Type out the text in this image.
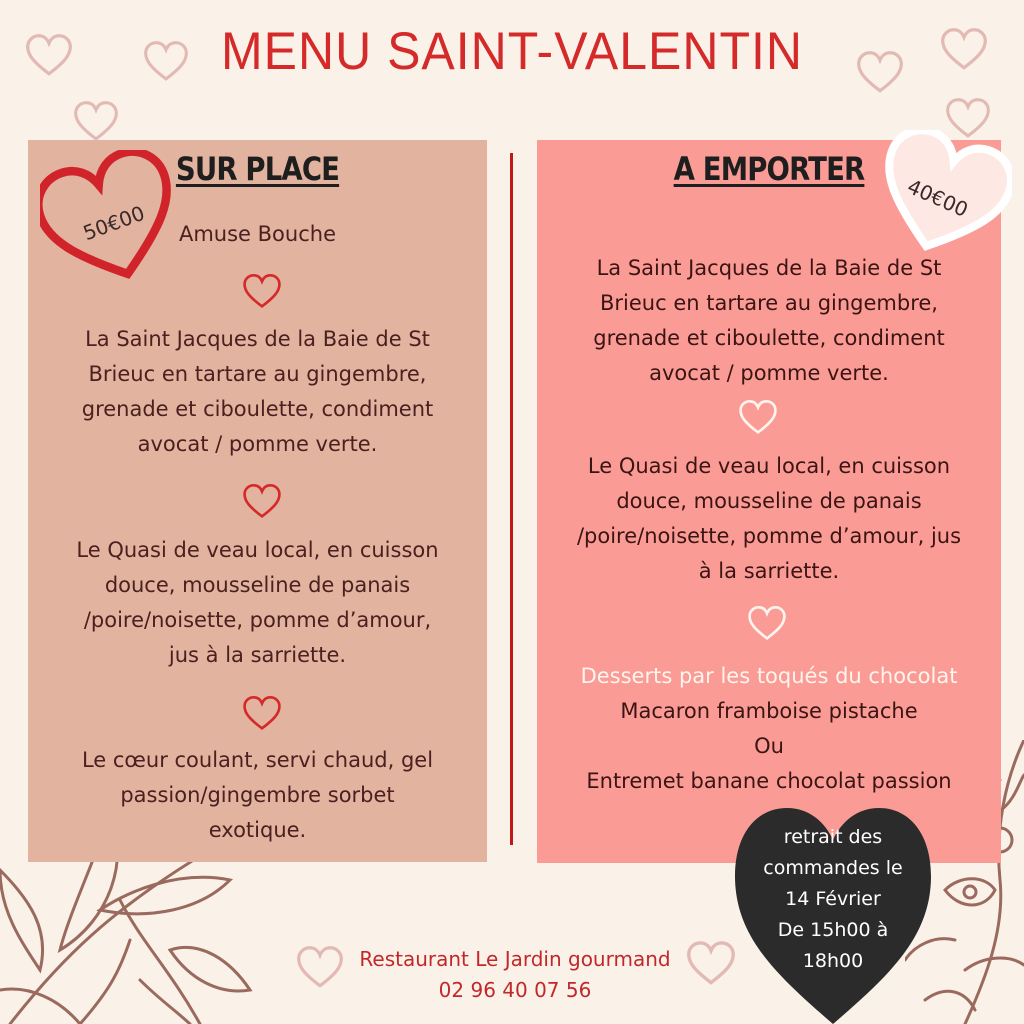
MENU SAINT-VALENTIN
SUR PLACE
Amuse Bouche
La Saint Jacques de la Baie de St
Brieuc en tartare au gingembre,
grenade et ciboulette, condiment
avocat / pomme verte.
Le Quasi de veau local, en cuisson
douce, mousseline de panais
/poire/noisette, pomme d’amour,
jus à la sarriette.
Le cœur coulant, servi chaud, gel
passion/gingembre sorbet
exotique.
50€00
A EMPORTER
La Saint Jacques de la Baie de St
Brieuc en tartare au gingembre,
grenade et ciboulette, condiment
avocat / pomme verte.
Le Quasi de veau local, en cuisson
douce, mousseline de panais
/poire/noisette, pomme d’amour, jus
à la sarriette.
Desserts par les toqués du chocolat
Macaron framboise pistache
Ou
Entremet banane chocolat passion
40€00
retrait des
commandes le
14 Février
De 15h00 à
18h00
Restaurant Le Jardin gourmand
02 96 40 07 56
